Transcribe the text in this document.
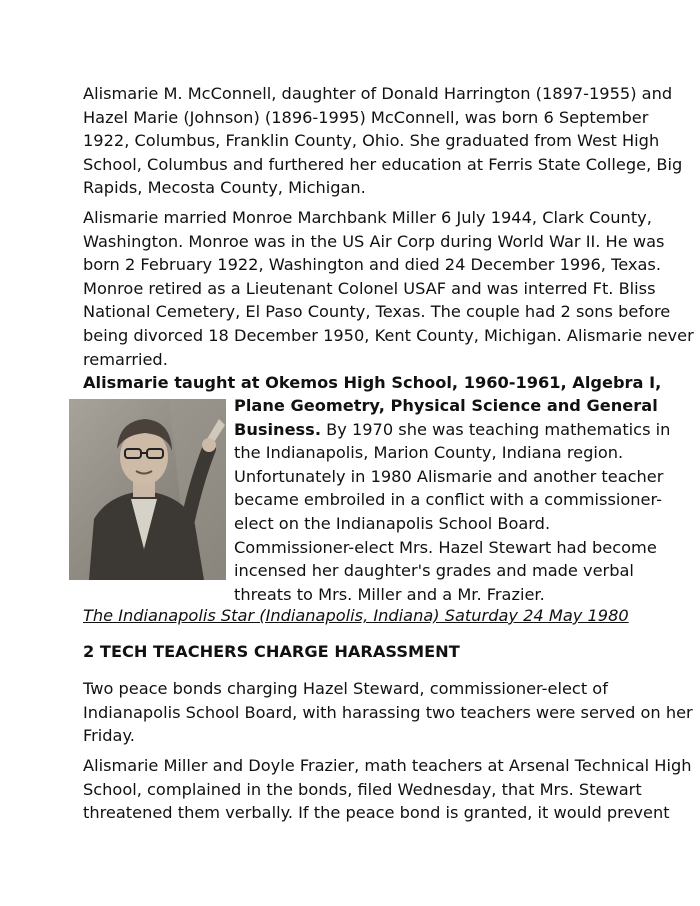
Alismarie M. McConnell, daughter of Donald Harrington (1897-1955) and
Hazel Marie (Johnson) (1896-1995) McConnell, was born 6 September
1922, Columbus, Franklin County, Ohio. She graduated from West High
School, Columbus and furthered her education at Ferris State College, Big
Rapids, Mecosta County, Michigan.

Alismarie married Monroe Marchbank Miller 6 July 1944, Clark County,
Washington. Monroe was in the US Air Corp during World War II. He was
born 2 February 1922, Washington and died 24 December 1996, Texas.
Monroe retired as a Lieutenant Colonel USAF and was interred Ft. Bliss
National Cemetery, El Paso County, Texas. The couple had 2 sons before
being divorced 18 December 1950, Kent County, Michigan. Alismarie never
remarried.

Alismarie taught at Okemos High School, 1960-1961, Algebra I,

Plane Geometry, Physical Science and General
Business. By 1970 she was teaching mathematics in
the Indianapolis, Marion County, Indiana region.
Unfortunately in 1980 Alismarie and another teacher
became embroiled in a conflict with a commissioner-
elect on the Indianapolis School Board.
Commissioner-elect Mrs. Hazel Stewart had become
incensed her daughter's grades and made verbal
threats to Mrs. Miller and a Mr. Frazier.

The Indianapolis Star (Indianapolis, Indiana) Saturday 24 May 1980

2 TECH TEACHERS CHARGE HARASSMENT

Two peace bonds charging Hazel Steward, commissioner-elect of
Indianapolis School Board, with harassing two teachers were served on her
Friday.

Alismarie Miller and Doyle Frazier, math teachers at Arsenal Technical High
School, complained in the bonds, filed Wednesday, that Mrs. Stewart
threatened them verbally. If the peace bond is granted, it would prevent
